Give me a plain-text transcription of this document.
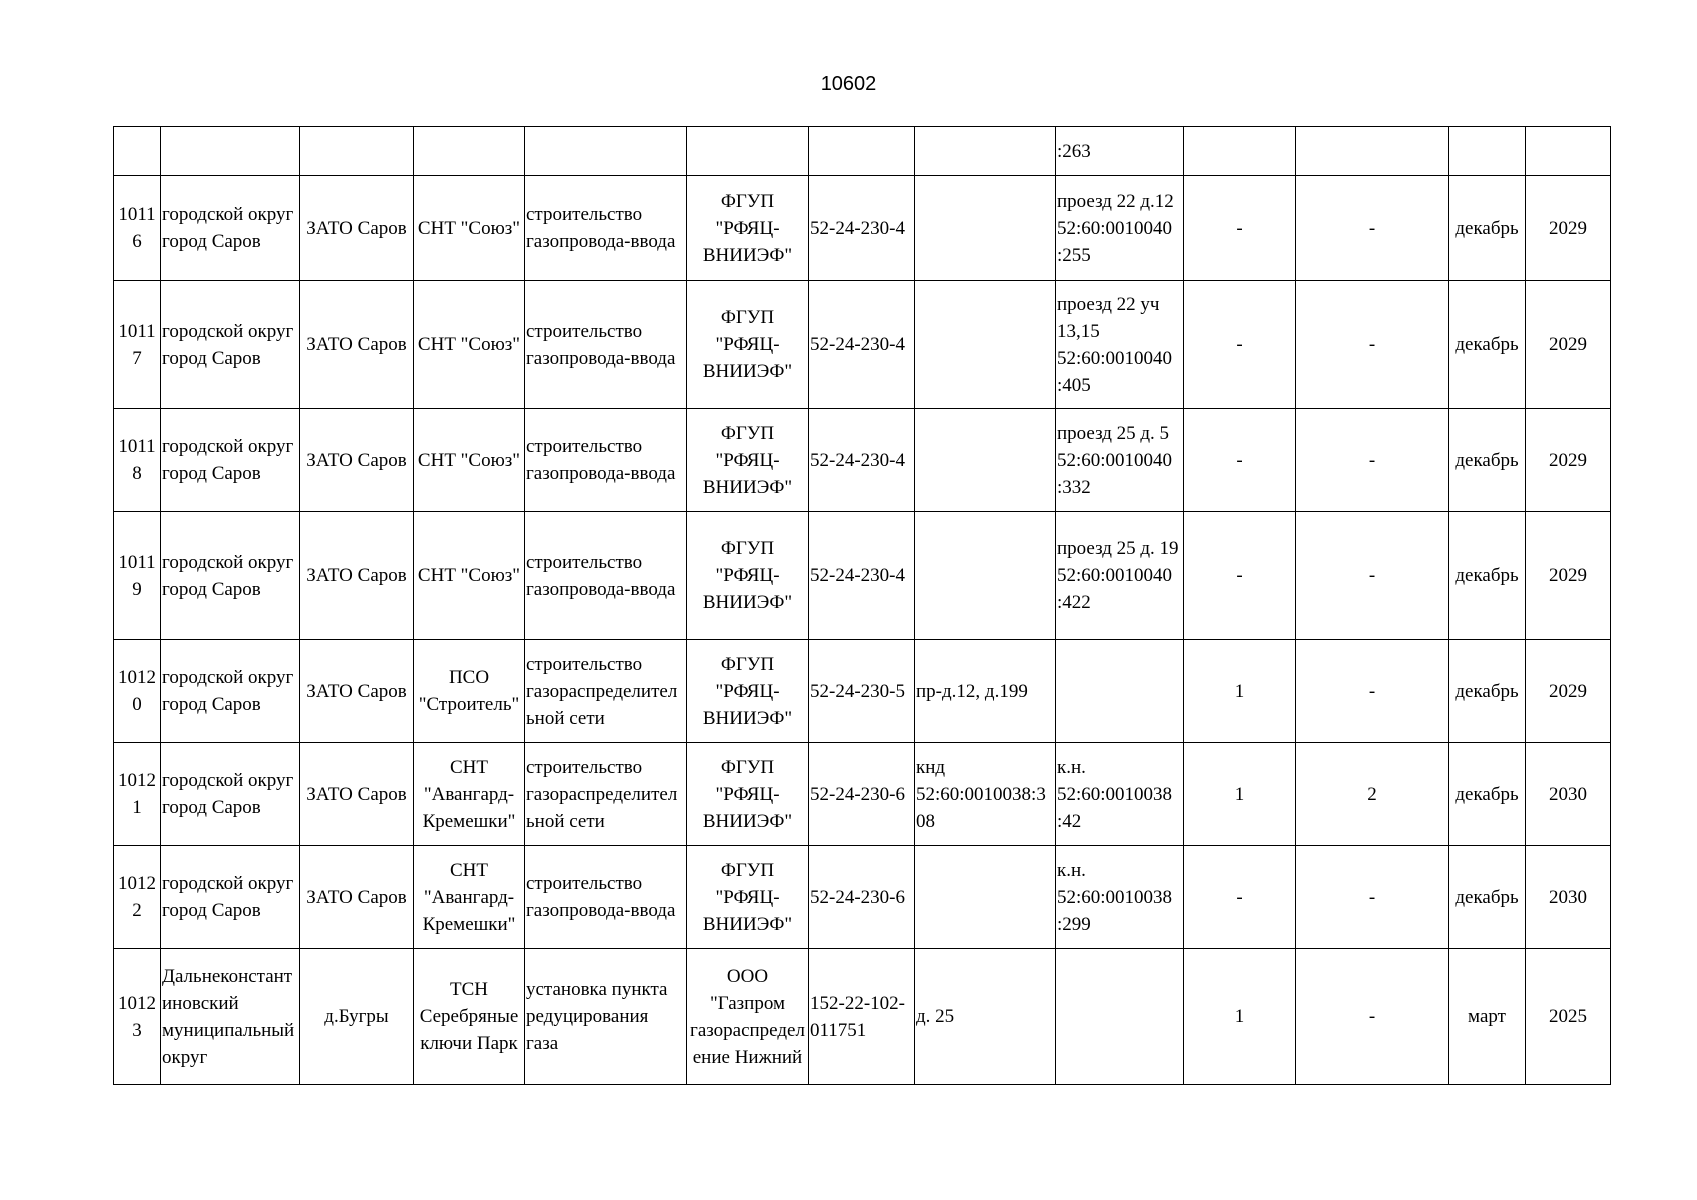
10602
								:263				
10116	городской округ город Саров	ЗАТО Саров	СНТ "Союз"	строительство газопровода-ввода	ФГУП "РФЯЦ-ВНИИЭФ"	52-24-230-4		проезд 22 д.12 52:60:0010040 :255	-	-	декабрь	2029
10117	городской округ город Саров	ЗАТО Саров	СНТ "Союз"	строительство газопровода-ввода	ФГУП "РФЯЦ-ВНИИЭФ"	52-24-230-4		проезд 22 уч 13,15 52:60:0010040 :405	-	-	декабрь	2029
10118	городской округ город Саров	ЗАТО Саров	СНТ "Союз"	строительство газопровода-ввода	ФГУП "РФЯЦ-ВНИИЭФ"	52-24-230-4		проезд 25 д. 5 52:60:0010040 :332	-	-	декабрь	2029
10119	городской округ город Саров	ЗАТО Саров	СНТ "Союз"	строительство газопровода-ввода	ФГУП "РФЯЦ-ВНИИЭФ"	52-24-230-4		проезд 25 д. 19 52:60:0010040 :422	-	-	декабрь	2029
10120	городской округ город Саров	ЗАТО Саров	ПСО "Строитель"	строительство газораспределительной сети	ФГУП "РФЯЦ-ВНИИЭФ"	52-24-230-5	пр-д.12, д.199		1	-	декабрь	2029
10121	городской округ город Саров	ЗАТО Саров	СНТ "Авангард-Кремешки"	строительство газораспределительной сети	ФГУП "РФЯЦ-ВНИИЭФ"	52-24-230-6	кнд 52:60:0010038:308	к.н. 52:60:0010038 :42	1	2	декабрь	2030
10122	городской округ город Саров	ЗАТО Саров	СНТ "Авангард-Кремешки"	строительство газопровода-ввода	ФГУП "РФЯЦ-ВНИИЭФ"	52-24-230-6		к.н. 52:60:0010038 :299	-	-	декабрь	2030
10123	Дальнеконстантиновский муниципальный округ	д.Бугры	ТСН Серебряные ключи Парк	установка пункта редуцирования газа	ООО "Газпром газораспределение Нижний	152-22-102-011751	д. 25		1	-	март	2025
